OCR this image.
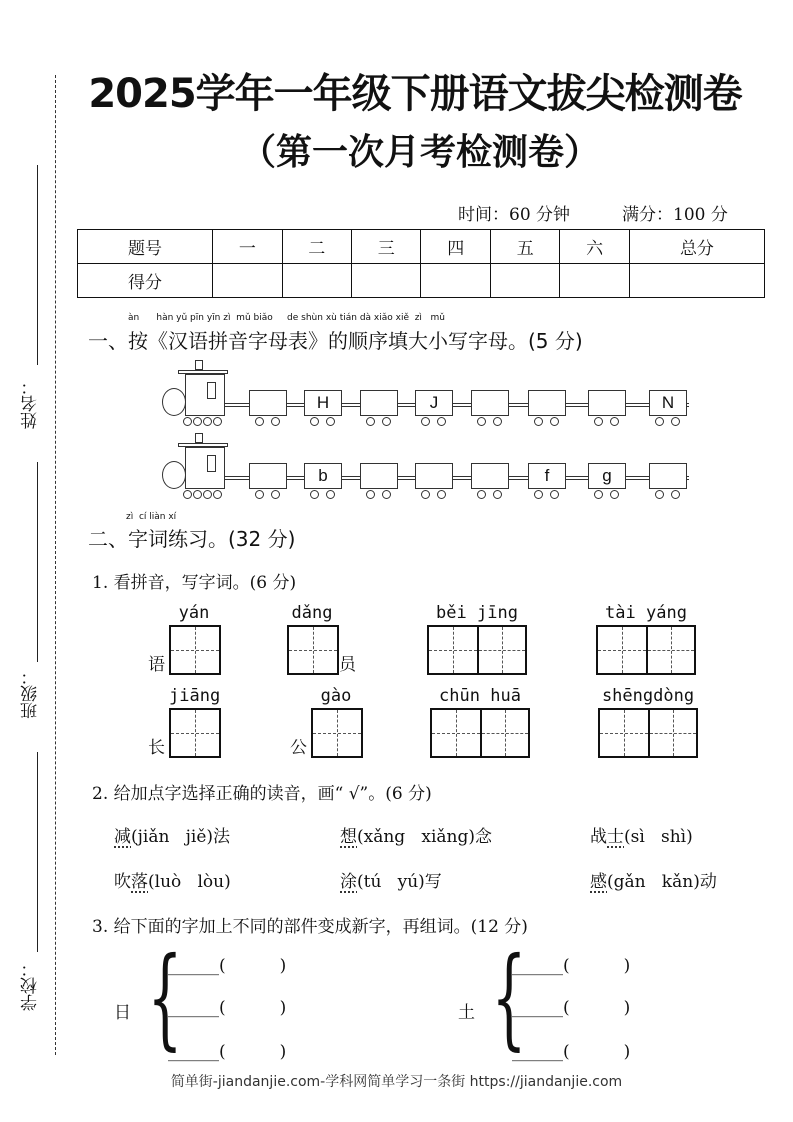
2025学年一年级下册语文拔尖检测卷
（第一次月考检测卷）
姓名：
班级：
学校：
时间：60 分钟	满分：100 分
题号	一	二	三	四	五	六	总分
得分							
àn      hàn yǔ pīn yīn zì  mǔ biǎo     de shùn xù tián dà xiǎo xiě  zì   mǔ
一、按《汉语拼音字母表》的顺序填大小写字母。(5 分)
H	J	N
b	f	g
zì  cí liàn xí
二、字词练习。(32 分)
1. 看拼音，写字词。(6 分)
yán
语
dǎng
员
běi jīng	tài yáng
jiāng
长
gào
公
chūn huā	shēngdòng
2. 给加点字选择正确的读音，画“ √”。(6 分)
减(jiǎn   jiě)法	想(xǎng   xiǎng)念	战士(sì   shì)
吹落(luò   lòu)	涂(tú   yú)写	感(gǎn   kǎn)动
3. 给下面的字加上不同的部件变成新字，再组词。(12 分)
日 {
______(          )
______(          )
______(          )
土 {
______(          )
______(          )
______(          )
简单街-jiandanjie.com-学科网简单学习一条街 https://jiandanjie.com
